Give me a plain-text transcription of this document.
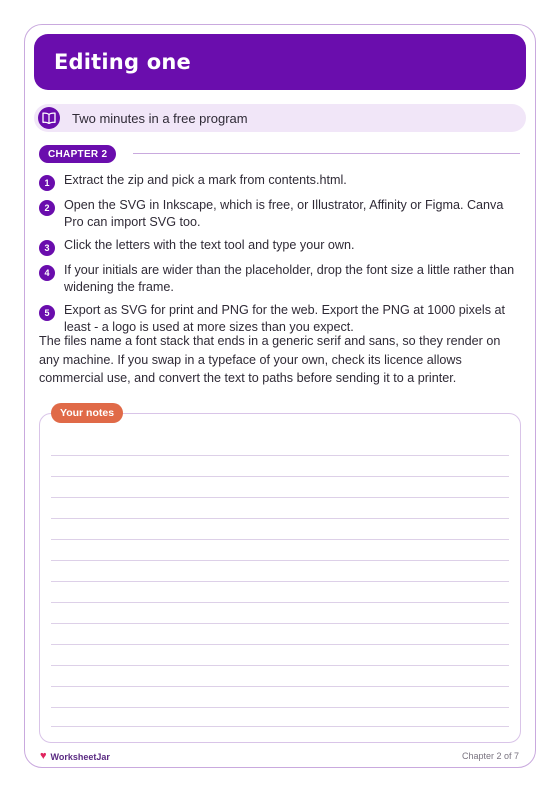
Editing one
Two minutes in a free program
CHAPTER 2
1	Extract the zip and pick a mark from contents.html.
2	Open the SVG in Inkscape, which is free, or Illustrator, Affinity or Figma. Canva Pro can import SVG too.
3	Click the letters with the text tool and type your own.
4	If your initials are wider than the placeholder, drop the font size a little rather than widening the frame.
5	Export as SVG for print and PNG for the web. Export the PNG at 1000 pixels at least - a logo is used at more sizes than you expect.

The files name a font stack that ends in a generic serif and sans, so they render on any machine. If you swap in a typeface of your own, check its licence allows commercial use, and convert the text to paths before sending it to a printer.

Your notes
♥ WorksheetJar	Chapter 2 of 7
